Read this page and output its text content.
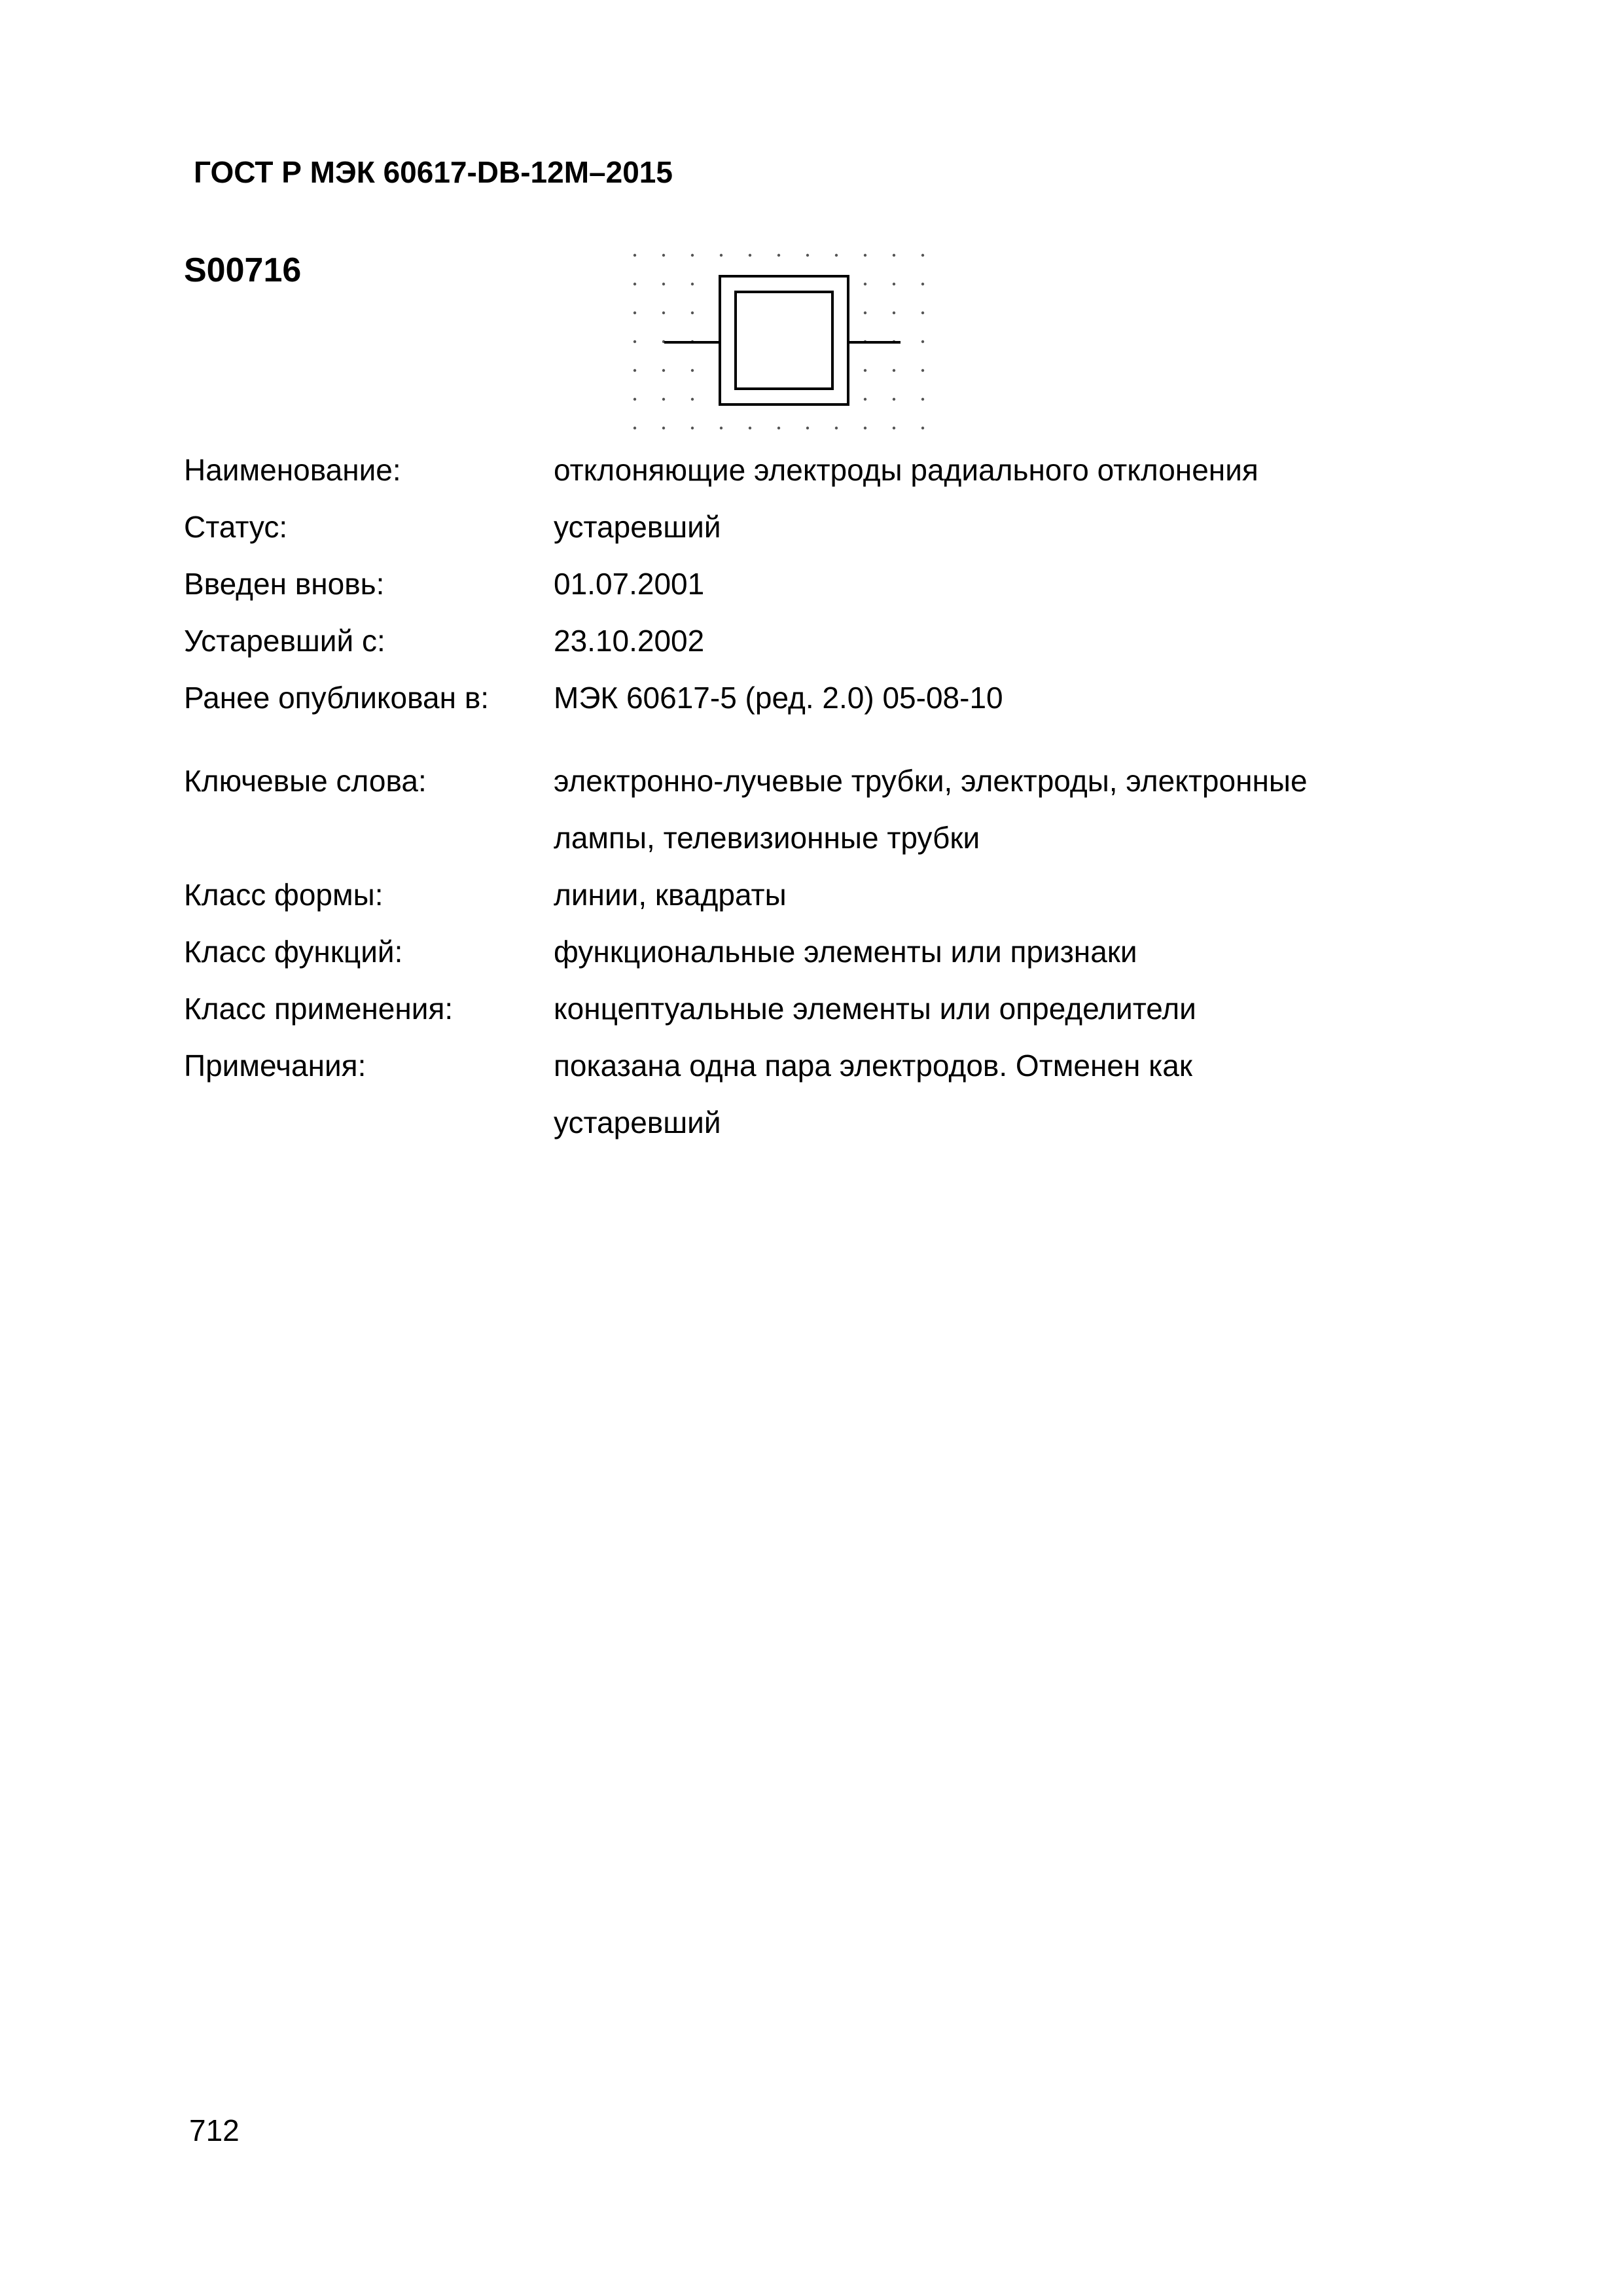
ГОСТ Р МЭК 60617-DB-12M–2015
S00716
Наименование:	отклоняющие электроды радиального отклонения
Статус:	устаревший
Введен вновь:	01.07.2001
Устаревший с:	23.10.2002
Ранее опубликован в:	МЭК 60617-5 (ред. 2.0) 05-08-10
Ключевые слова:	электронно-лучевые трубки, электроды, электронные
лампы, телевизионные трубки
Класс формы:	линии, квадраты
Класс функций:	функциональные элементы или признаки
Класс применения:	концептуальные элементы или определители
Примечания:	показана одна пара электродов. Отменен как
устаревший
712
